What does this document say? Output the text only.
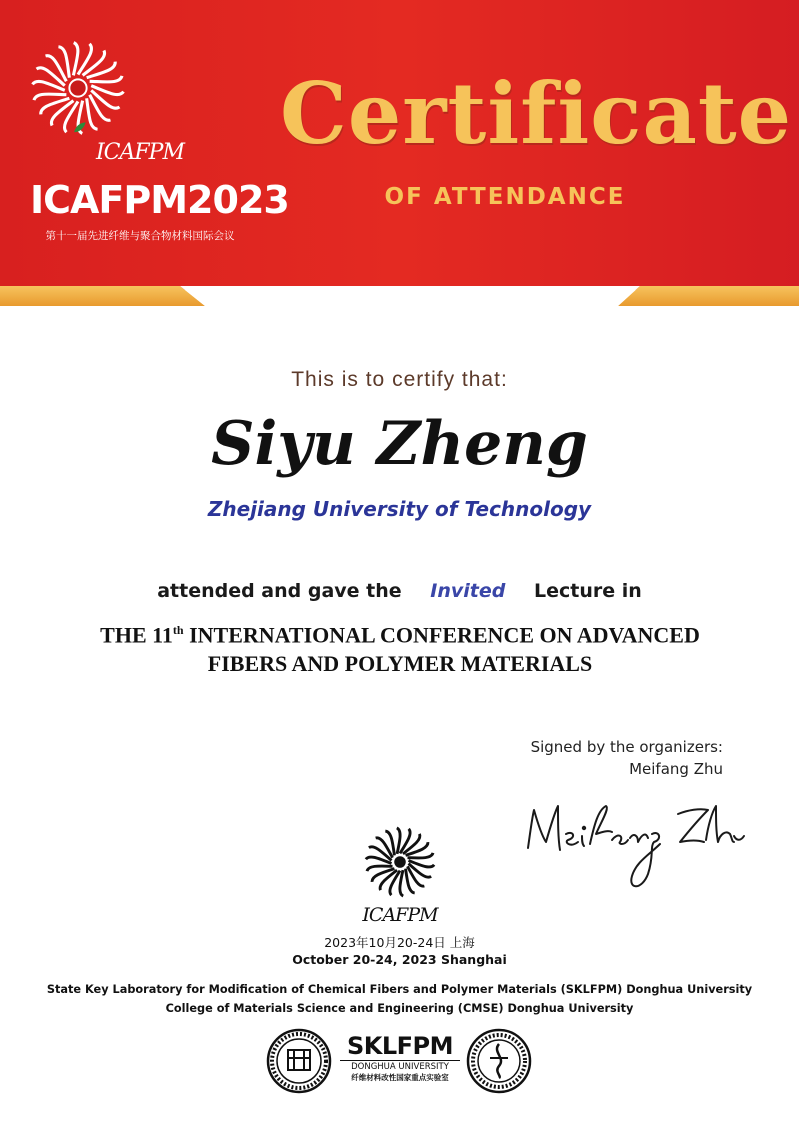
ICAFPM
ICAFPM2023
第十一届先进纤维与聚合物材料国际会议
Certificate
OF ATTENDANCE
This is to certify that:
Siyu Zheng
Zhejiang University of Technology
attended and gave the Invited Lecture in
THE 11th INTERNATIONAL CONFERENCE ON ADVANCED
FIBERS AND POLYMER MATERIALS
Signed by the organizers:
Meifang Zhu
ICAFPM
2023年10月20-24日 上海
October 20-24, 2023 Shanghai
State Key Laboratory for Modification of Chemical Fibers and Polymer Materials (SKLFPM) Donghua University
College of Materials Science and Engineering (CMSE) Donghua University
SKLFPM
DONGHUA UNIVERSITY
纤维材料改性国家重点实验室
